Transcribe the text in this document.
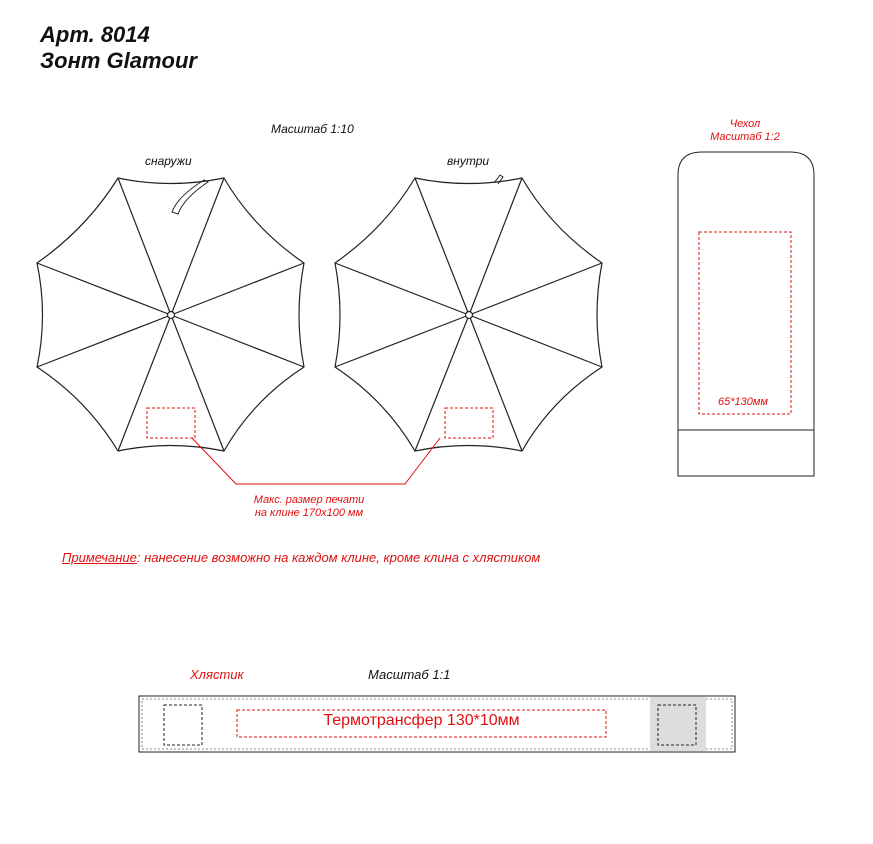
Арт. 8014
Зонт Glamour
Масштаб 1:10
снаружи	внутри
Макс. размер печати
на клине 170х100 мм
Чехол
Масштаб 1:2
65*130мм
Примечание: нанесение возможно на каждом клине, кроме клина с хлястиком
Хлястик	Масштаб 1:1
Термотрансфер 130*10мм
